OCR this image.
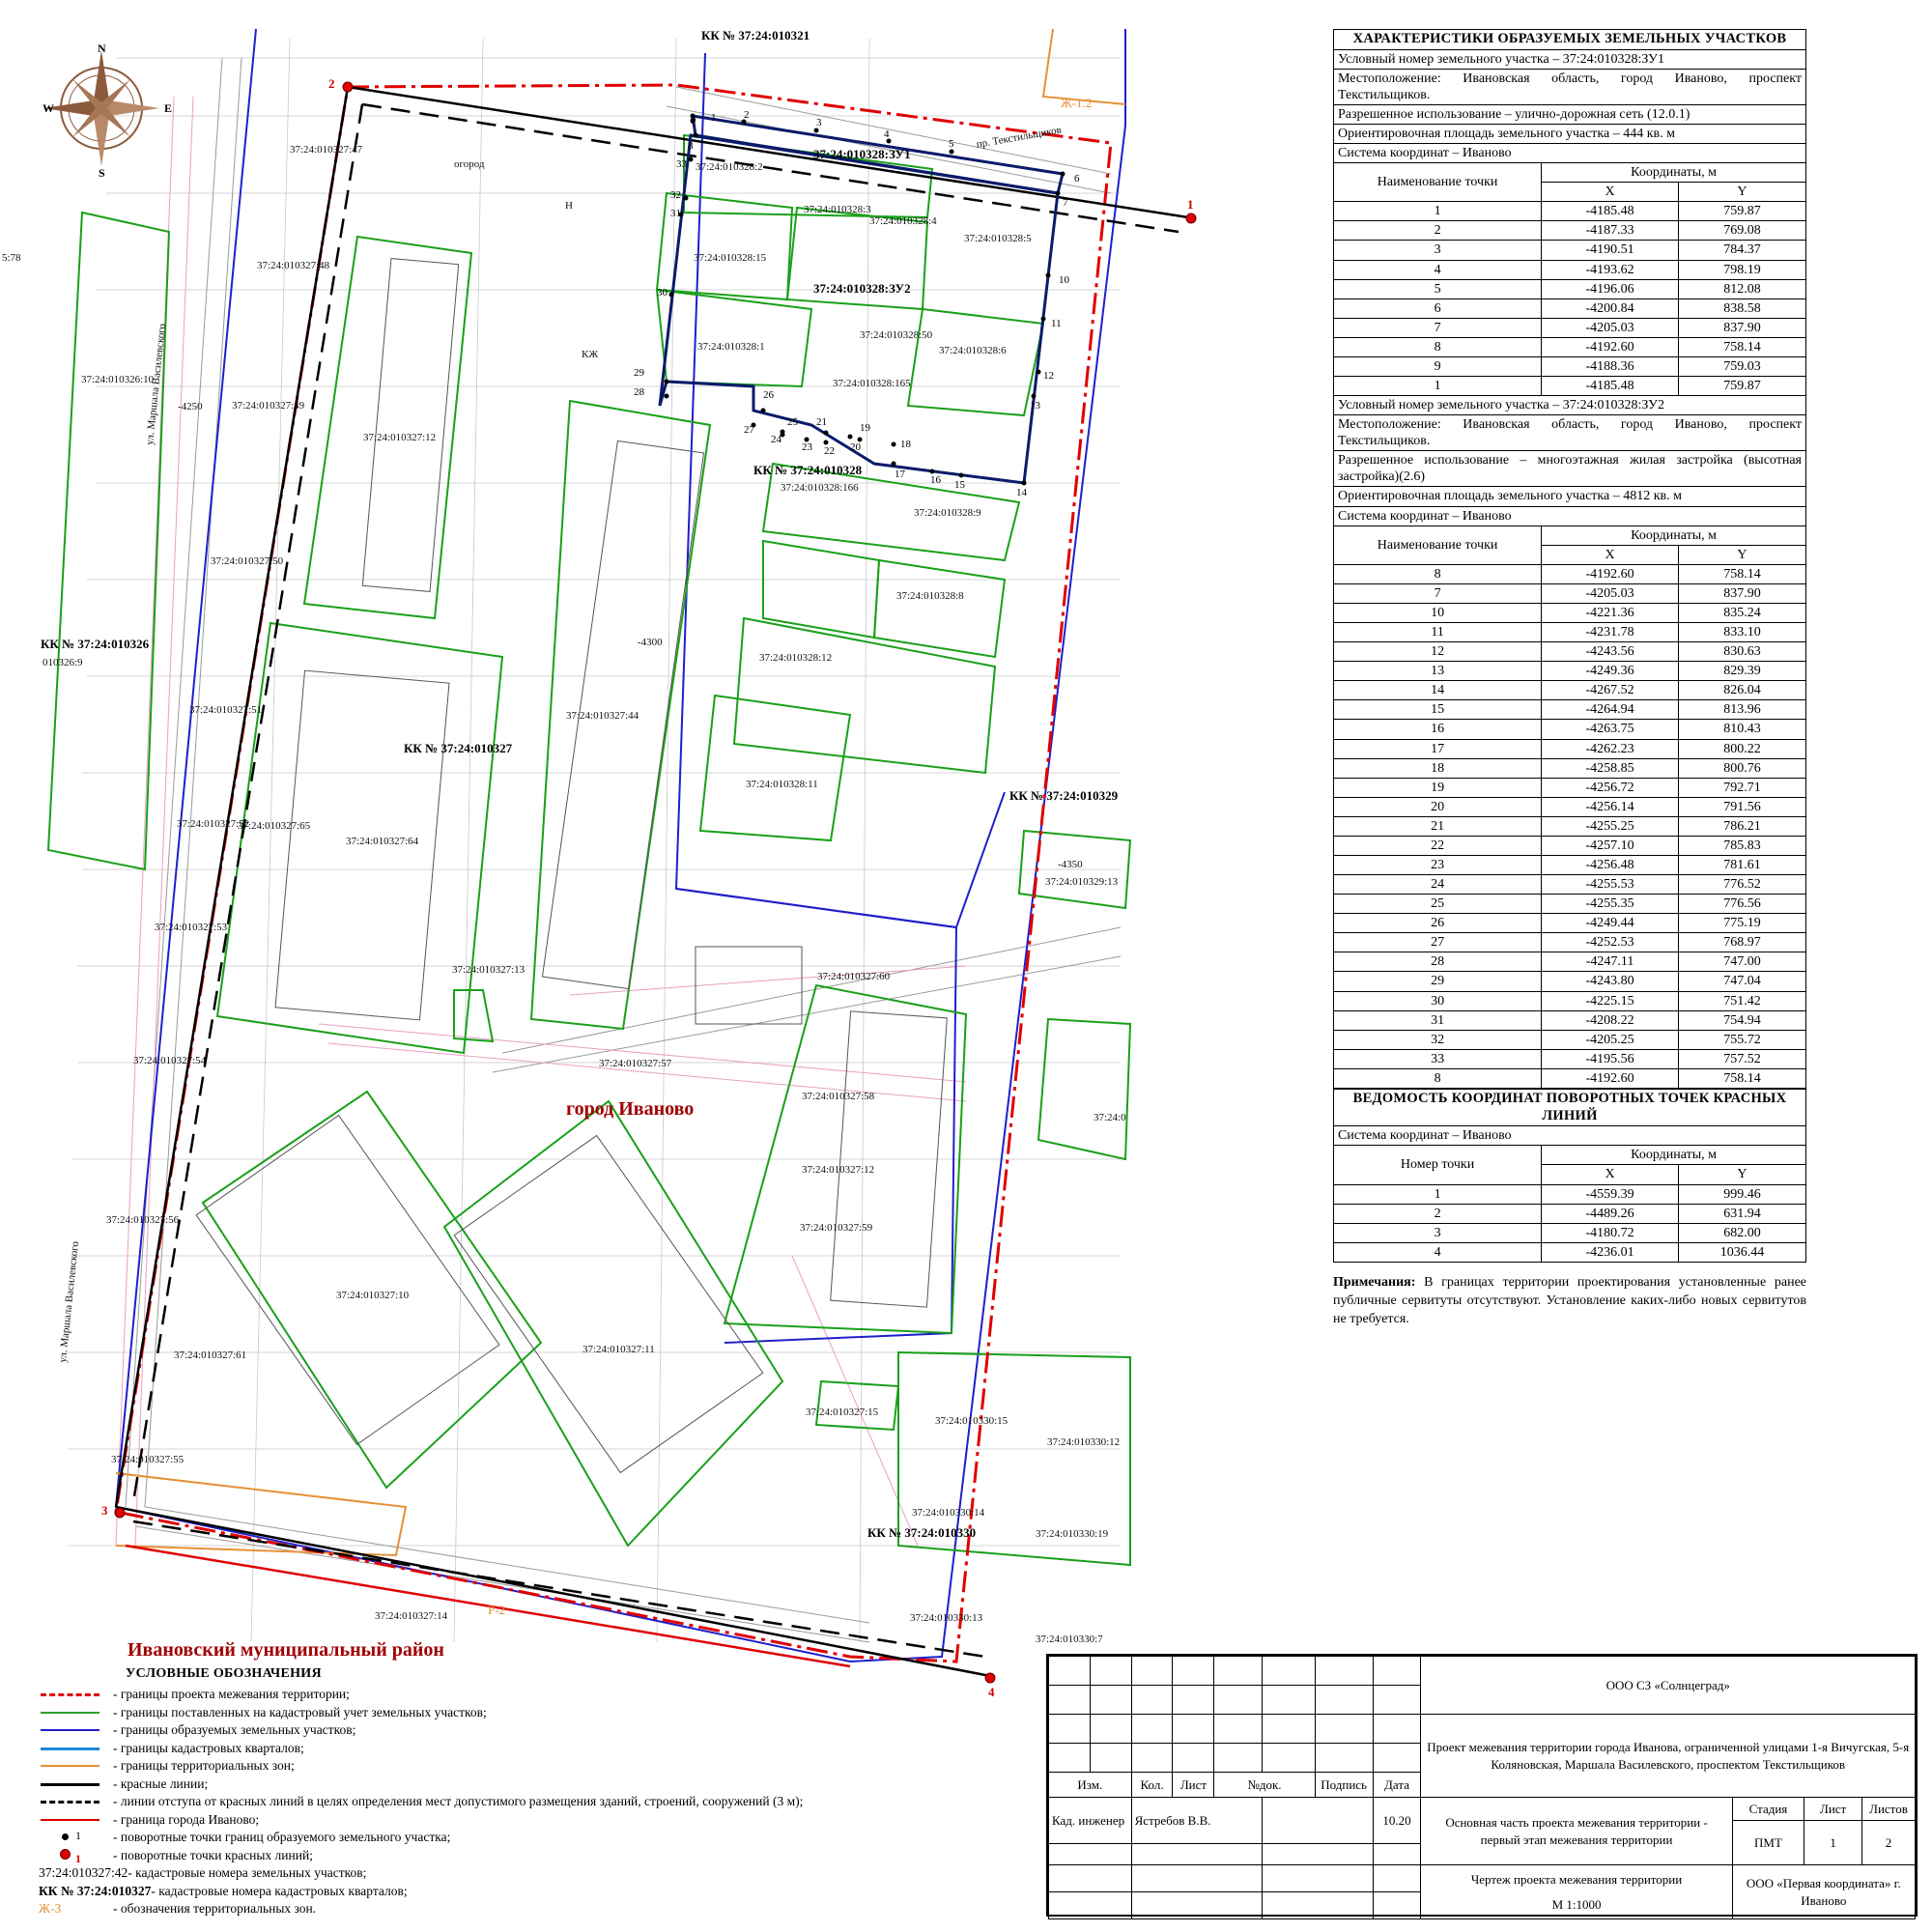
N
S
E
W
КК № 37:24:010321
КК № 37:24:010326
КК № 37:24:010327
КК № 37:24:010328
КК № 37:24:010329
КК № 37:24:010330
37:24:010328:ЗУ1
37:24:010328:ЗУ2
37:24:010327:47
37:24:010327:48
37:24:010327:49
37:24:010327:50
37:24:010327:51
37:24:010327:52
37:24:010327:53
37:24:010327:54
37:24:010327:55
37:24:010327:56
37:24:010327:61
37:24:010327:12
37:24:010327:65
37:24:010327:64
37:24:010327:44
37:24:010327:13
37:24:010327:57
37:24:010327:60
37:24:010327:58
37:24:010327:12
37:24:010327:59
37:24:010327:10
37:24:010327:11
37:24:010327:15
37:24:010327:14
37:24:010328:2
37:24:010328:3
37:24:010328:4
37:24:010328:5
37:24:010328:15
37:24:010328:1
37:24:010328:50
37:24:010328:6
37:24:010328:165
37:24:010328:166
37:24:010328:9
37:24:010328:8
37:24:010328:12
37:24:010328:11
37:24:010326:10
010326:9
37:24:010329:13
37:24:010330:15
37:24:010330:12
37:24:010330:14
37:24:010330:19
37:24:010330:13
37:24:010330:7
37:24:0
Ж-1.2
Р-2
ул. Маршала Василевского
ул. Маршала Василевского
пр. Текстильщиков
5:78
-4250
-4300
-4350
огород
КЖ
Н
9	2
3
4
5
6
7
8
33
32
31
30
29
28
10
11
12
13
14
15
16
17
18
19
20
21
22
23
24
25
26
27
1
1
3
2
4
город Иваново
Ивановский муниципальный район
УСЛОВНЫЕ ОБОЗНАЧЕНИЯ
- границы проекта межевания территории;
- границы поставленных на кадастровый учет земельных участков;
- границы образуемых земельных участков;
- границы кадастровых кварталов;
- границы территориальных зон;
- красные линии;
- линии отступа от красных линий в целях определения мест допустимого размещения зданий, строений, сооружений (3 м);
- граница города Иваново;
1 - поворотные точки границ образуемого земельного участка;
1 - поворотные точки красных линий;
37:24:010327:42 - кадастровые номера земельных участков;
КК № 37:24:010327 - кадастровые номера кадастровых кварталов;
Ж-3	- обозначения территориальных зон.
ХАРАКТЕРИСТИКИ ОБРАЗУЕМЫХ ЗЕМЕЛЬНЫХ УЧАСТКОВ		
Условный номер земельного участка – 37:24:010328:ЗУ1		
Местоположение: Ивановская область, город Иваново, проспект Текстильщиков.		
Разрешенное использование – улично-дорожная сеть (12.0.1)		
Ориентировочная площадь земельного участка – 444 кв. м		
Система координат – Иваново		
Наименование точки	Координаты, м	
	X	Y
1	-4185.48	759.87
2	-4187.33	769.08
3	-4190.51	784.37
4	-4193.62	798.19
5	-4196.06	812.08
6	-4200.84	838.58
7	-4205.03	837.90
8	-4192.60	758.14
9	-4188.36	759.03
1	-4185.48	759.87
Условный номер земельного участка – 37:24:010328:ЗУ2		
Местоположение: Ивановская область, город Иваново, проспект Текстильщиков.		
Разрешенное использование – многоэтажная жилая застройка (высотная застройка)(2.6)		
Ориентировочная площадь земельного участка – 4812 кв. м		
Система координат – Иваново		
Наименование точки	Координаты, м	
	X	Y
8	-4192.60	758.14
7	-4205.03	837.90
10	-4221.36	835.24
11	-4231.78	833.10
12	-4243.56	830.63
13	-4249.36	829.39
14	-4267.52	826.04
15	-4264.94	813.96
16	-4263.75	810.43
17	-4262.23	800.22
18	-4258.85	800.76
19	-4256.72	792.71
20	-4256.14	791.56
21	-4255.25	786.21
22	-4257.10	785.83
23	-4256.48	781.61
24	-4255.53	776.52
25	-4255.35	776.56
26	-4249.44	775.19
27	-4252.53	768.97
28	-4247.11	747.00
29	-4243.80	747.04
30	-4225.15	751.42
31	-4208.22	754.94
32	-4205.25	755.72
33	-4195.56	757.52
8	-4192.60	758.14
ВЕДОМОСТЬ КООРДИНАТ ПОВОРОТНЫХ ТОЧЕК КРАСНЫХ ЛИНИЙ		
Система координат – Иваново		
Номер точки	Координаты, м	
	X	Y
1	-4559.39	999.46
2	-4489.26	631.94
3	-4180.72	682.00
4	-4236.01	1036.44
Примечания: В границах территории проектирования установленные ранее публичные сервитуты отсутствуют. Установление каких-либо новых сервитутов не требуется.
								ООО СЗ «Солнцеград»			

								Проект межевания территории города Иванова, ограниченной улицами 1-я Вичугская, 5-я Коляновская, Маршала Василевского, проспектом Текстильщиков			

Изм.		Кол.	Лист	№док.		Подпись	Дата				
Кад. инженер		Ястребов В.В.					10.20	Основная часть проекта межевания территории - первый этап межевания территории	Стадия	Лист	Листов
									ПМТ	1	2

								Чертеж проекта межевания территории
М 1:1000	ООО «Первая координата» г. Иваново		
